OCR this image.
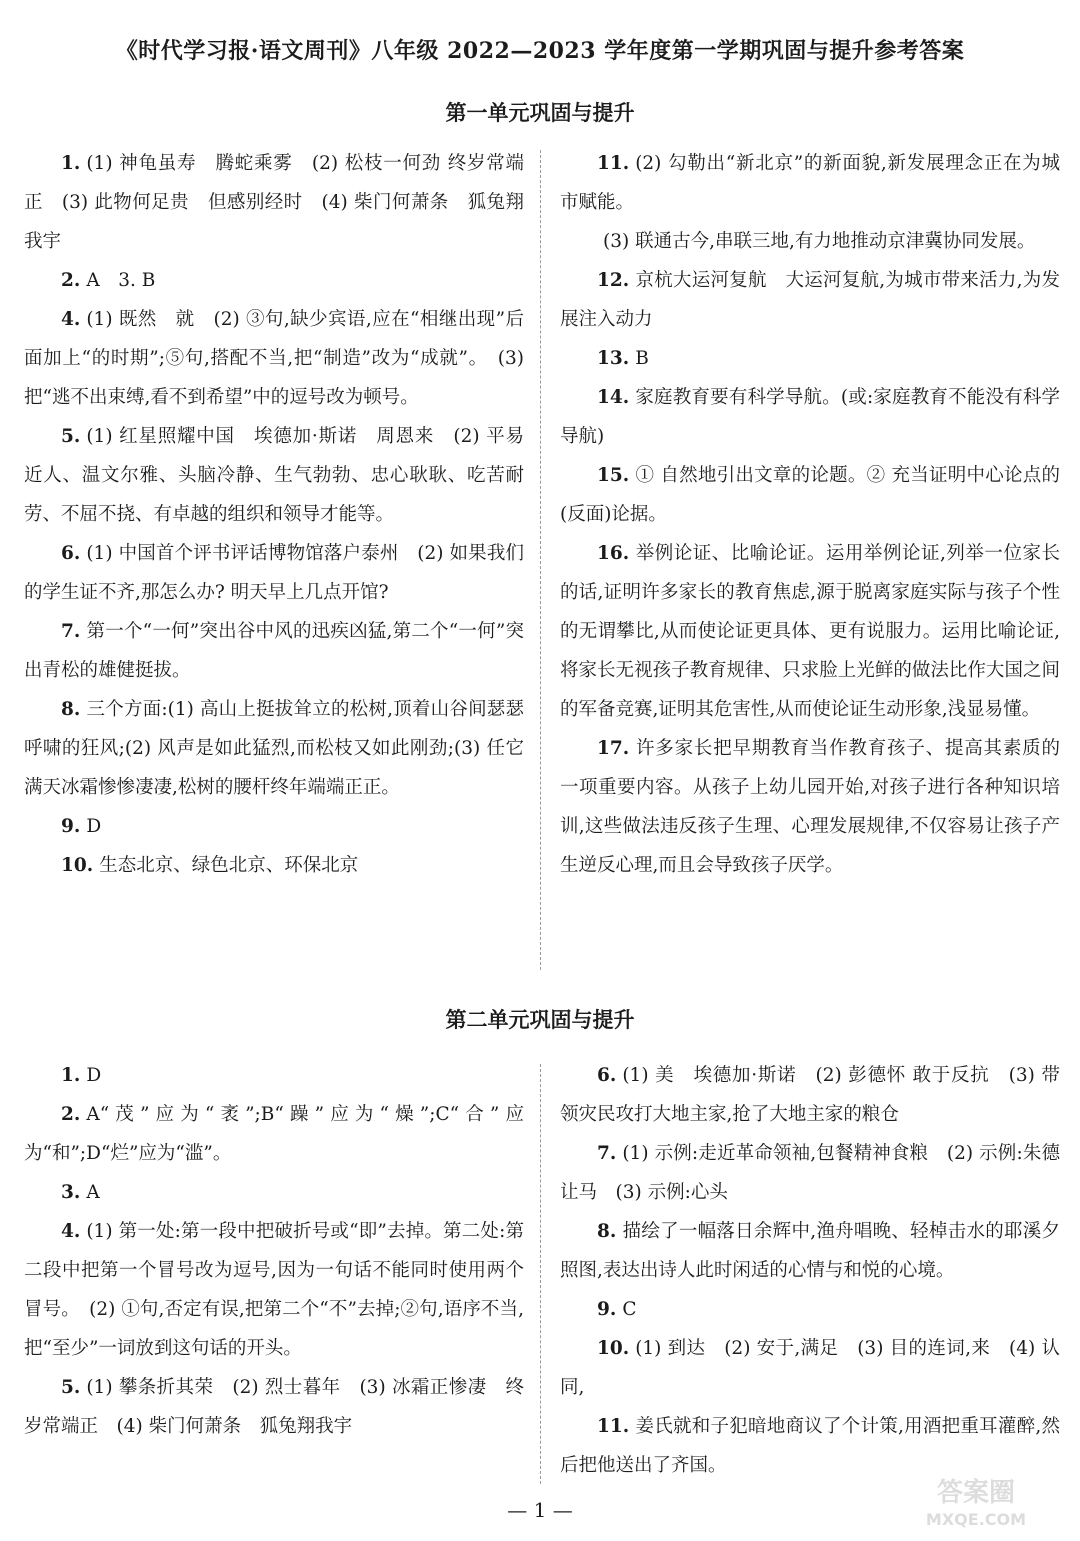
《时代学习报·语文周刊》八年级 2022—2023 学年度第一学期巩固与提升参考答案
第一单元巩固与提升

1. (1) 神龟虽寿　腾蛇乘雾　(2) 松枝一何劲 终岁常端正　(3) 此物何足贵　但感别经时　(4) 柴门何萧条　狐兔翔我宇

2. A　3. B

4. (1) 既然　就　(2) ③句,缺少宾语,应在“相继出现”后面加上“的时期”;⑤句,搭配不当,把“制造”改为“成就”。　(3) 把“逃不出束缚,看不到希望”中的逗号改为顿号。

5. (1) 红星照耀中国　埃德加·斯诺　周恩来　(2) 平易近人、温文尔雅、头脑冷静、生气勃勃、忠心耿耿、吃苦耐劳、不屈不挠、有卓越的组织和领导才能等。

6. (1) 中国首个评书评话博物馆落户泰州　(2) 如果我们的学生证不齐,那怎么办? 明天早上几点开馆?

7. 第一个“一何”突出谷中风的迅疾凶猛,第二个“一何”突出青松的雄健挺拔。

8. 三个方面:(1) 高山上挺拔耸立的松树,顶着山谷间瑟瑟呼啸的狂风;(2) 风声是如此猛烈,而松枝又如此刚劲;(3) 任它满天冰霜惨惨凄凄,松树的腰杆终年端端正正。

9. D

10. 生态北京、绿色北京、环保北京

11. (2) 勾勒出“新北京”的新面貌,新发展理念正在为城市赋能。

(3) 联通古今,串联三地,有力地推动京津冀协同发展。

12. 京杭大运河复航　大运河复航,为城市带来活力,为发展注入动力

13. B

14. 家庭教育要有科学导航。(或:家庭教育不能没有科学导航)

15. ① 自然地引出文章的论题。② 充当证明中心论点的(反面)论据。

16. 举例论证、比喻论证。运用举例论证,列举一位家长的话,证明许多家长的教育焦虑,源于脱离家庭实际与孩子个性的无谓攀比,从而使论证更具体、更有说服力。运用比喻论证,将家长无视孩子教育规律、只求脸上光鲜的做法比作大国之间的军备竞赛,证明其危害性,从而使论证生动形象,浅显易懂。

17. 许多家长把早期教育当作教育孩子、提高其素质的一项重要内容。从孩子上幼儿园开始,对孩子进行各种知识培训,这些做法违反孩子生理、心理发展规律,不仅容易让孩子产生逆反心理,而且会导致孩子厌学。

第二单元巩固与提升

1. D

2. A“茂”应为“袤”;B“躁”应为“燥”;C“合”应为“和”;D“烂”应为“滥”。

3. A

4. (1) 第一处:第一段中把破折号或“即”去掉。第二处:第二段中把第一个冒号改为逗号,因为一句话不能同时使用两个冒号。　(2) ①句,否定有误,把第二个“不”去掉;②句,语序不当,把“至少”一词放到这句话的开头。

5. (1) 攀条折其荣　(2) 烈士暮年　(3) 冰霜正惨凄　终岁常端正　(4) 柴门何萧条　狐兔翔我宇

6. (1) 美　埃德加·斯诺　(2) 彭德怀 敢于反抗　(3) 带领灾民攻打大地主家,抢了大地主家的粮仓

7. (1) 示例:走近革命领袖,包餐精神食粮　(2) 示例:朱德让马　(3) 示例:心头

8. 描绘了一幅落日余辉中,渔舟唱晚、轻棹击水的耶溪夕照图,表达出诗人此时闲适的心情与和悦的心境。

9. C

10. (1) 到达　(2) 安于,满足　(3) 目的连词,来　(4) 认同,

11. 姜氏就和子犯暗地商议了个计策,用酒把重耳灌醉,然后把他送出了齐国。

— 1 —
答案圈
MXQE.COM
